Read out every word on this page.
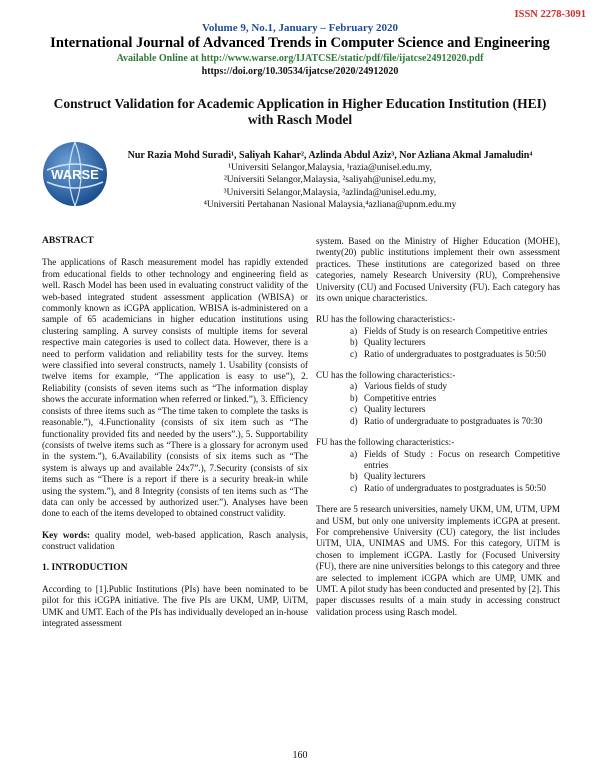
ISSN 2278-3091
Volume 9, No.1, January – February 2020
International Journal of Advanced Trends in Computer Science and Engineering
Available Online at http://www.warse.org/IJATCSE/static/pdf/file/ijatcse24912020.pdf
https://doi.org/10.30534/ijatcse/2020/24912020
Construct Validation for Academic Application in Higher Education Institution (HEI) with Rasch Model
WARSE
Nur Razia Mohd Suradi¹, Saliyah Kahar², Azlinda Abdul Aziz³, Nor Azliana Akmal Jamaludin⁴
¹Universiti Selangor,Malaysia, ¹razia@unisel.edu.my,
²Universiti Selangor,Malaysia, ²saliyah@unisel.edu.my,
³Universiti Selangor,Malaysia, ³azlinda@unisel.edu.my,
⁴Universiti Pertahanan Nasional Malaysia,⁴azliana@upnm.edu.my
ABSTRACT

The applications of Rasch measurement model has rapidly extended from educational fields to other technology and engineering field as well. Rasch Model has been used in evaluating construct validity of the web-based integrated student assessment application (WBISA) or commonly known as iCGPA application. WBISA is-administered on a sample of 65 academicians in higher education institutions using clustering sampling. A survey consists of multiple items for several respective main categories is used to collect data. However, there is a need to perform validation and reliability tests for the survey. Items were classified into several constructs, namely 1. Usability (consists of twelve items for example, “The application is easy to use”), 2. Reliability (consists of seven items such as “The information display shows the accurate information when referred or linked.”), 3. Efficiency consists of three items such as “The time taken to complete the tasks is reasonable.”), 4.Functionality (consists of six item such as “The functionality provided fits and needed by the users”.), 5. Supportability (consists of twelve items such as “There is a glossary for acronym used in the system.”), 6.Availability (consists of six items such as “The system is always up and available 24x7”.), 7.Security (consists of six items such as “There is a report if there is a security break-in while using the system.”), and 8 Integrity (consists of ten items such as “The data can only be accessed by authorized user.”). Analyses have been done to each of the items developed to obtained construct validity.

Key words: quality model, web-based application, Rasch analysis, construct validation

1. INTRODUCTION

According to [1].Public Institutions (PIs) have been nominated to be pilot for this iCGPA initiative. The five PIs are UKM, UMP, UiTM, UMK and UMT. Each of the PIs has individually developed an in-house integrated assessment

system. Based on the Ministry of Higher Education (MOHE), twenty(20) public institutions implement their own assessment practices. These institutions are categorized based on three categories, namely Research University (RU), Comprehensive University (CU) and Focused University (FU). Each category has its own unique characteristics.

RU has the following characteristics:-

a) Fields of Study is on research Competitive entries
b) Quality lecturers
c) Ratio of undergraduates to postgraduates is 50:50

CU has the following characteristics:-

a) Various fields of study
b) Competitive entries
c) Quality lecturers
d) Ratio of undergraduate to postgraduates is 70:30

FU has the following characteristics:-

a) Fields of Study : Focus on research Competitive entries
b) Quality lecturers
c) Ratio of undergraduates to postgraduates is 50:50

There are 5 research universities, namely UKM, UM, UTM, UPM and USM, but only one university implements iCGPA at present. For comprehensive University (CU) category, the list includes UiTM, UIA, UNIMAS and UMS. For this category, UiTM is chosen to implement iCGPA. Lastly for (Focused University (FU), there are nine universities belongs to this category and three are selected to implement iCGPA which are UMP, UMK and UMT. A pilot study has been conducted and presented by [2]. This paper discusses results of a main study in accessing construct validation process using Rasch model.

160
